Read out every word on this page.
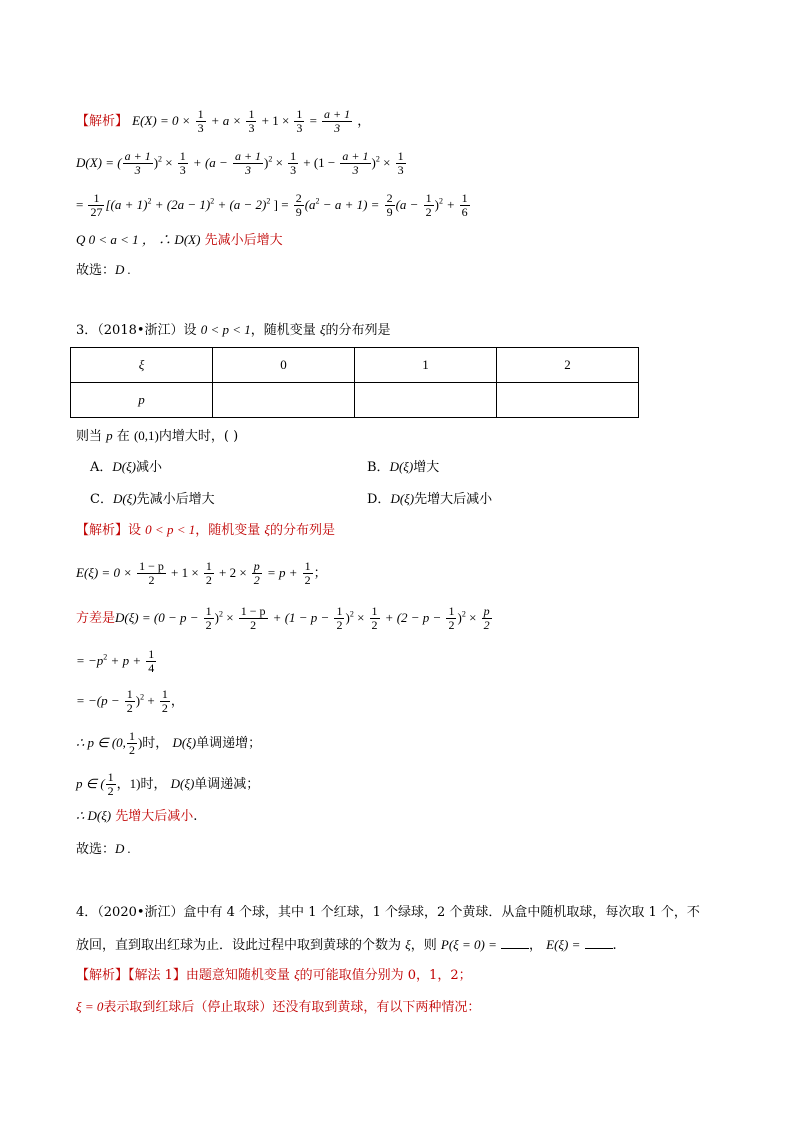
【解析】 $E(X) = 0 \times \frac{1}{3} + a \times \frac{1}{3} + 1 \times \frac{1}{3} = \frac{a + 1}{3}$ ，
D(X) = ( $\frac{a + 1}{3} )^2 \times \frac{1}{3} + (a - \frac{a + 1}{3} )^2 \times \frac{1}{3} + (1 - \frac{a + 1}{3} )^2 \times \frac{1}{3}$
= $\frac{1}{27} [(a + 1)^2 + (2a - 1)^2 + (a - 2)^2$ ] = $\frac{2}{9} (a^2 - a + 1) = \frac{2}{9} (a - \frac{1}{2} )^2 + \frac{1}{6}$
Q 0 < a < 1 ， ∴ D(X) 先减小后增大
故选：D .
3．（2018•浙江）设 0 < p < 1，随机变量 ξ的分布列是
ξ	0	1	2
p			
则当 p 在 (0,1)内增大时，( )
A．D(ξ)减小	B．D(ξ)增大
C．D(ξ)先减小后增大	D．D(ξ)先增大后减小
【解析】设 0 < p < 1，随机变量 ξ的分布列是
$E(\xi) = 0 \times \frac{1 - p}{2} + 1 \times \frac{1}{2} + 2 \times \frac{p}{2} = p + \frac{1}{2}$ ；
方差是$D(\xi) = (0 - p - \frac{1}{2} )^2 \times \frac{1 - p}{2} + (1 - p - \frac{1}{2} )^2 \times \frac{1}{2} + (2 - p - \frac{1}{2} )^2 \times \frac{p}{2}$
= $-p^2 + p + \frac{1}{4}$
= $-(p - \frac{1}{2} )^2 + \frac{1}{2}$ ，
∴ p ∈ (0, $\frac{1}{2}$ )时， D(ξ)单调递增；
p ∈ ( $\frac{1}{2}$ ，1)时， D(ξ)单调递减；
∴ D(ξ) 先增大后减小.
故选：D .
4．（2020•浙江）盒中有 4 个球，其中 1 个红球，1 个绿球，2 个黄球．从盒中随机取球，每次取 1 个，不
放回，直到取出红球为止．设此过程中取到黄球的个数为 ξ，则 P(ξ = 0) = ， E(ξ) = .
【解析】【解法 1】由题意知随机变量 ξ的可能取值分别为 0，1，2；
ξ = 0表示取到红球后（停止取球）还没有取到黄球，有以下两种情况：
